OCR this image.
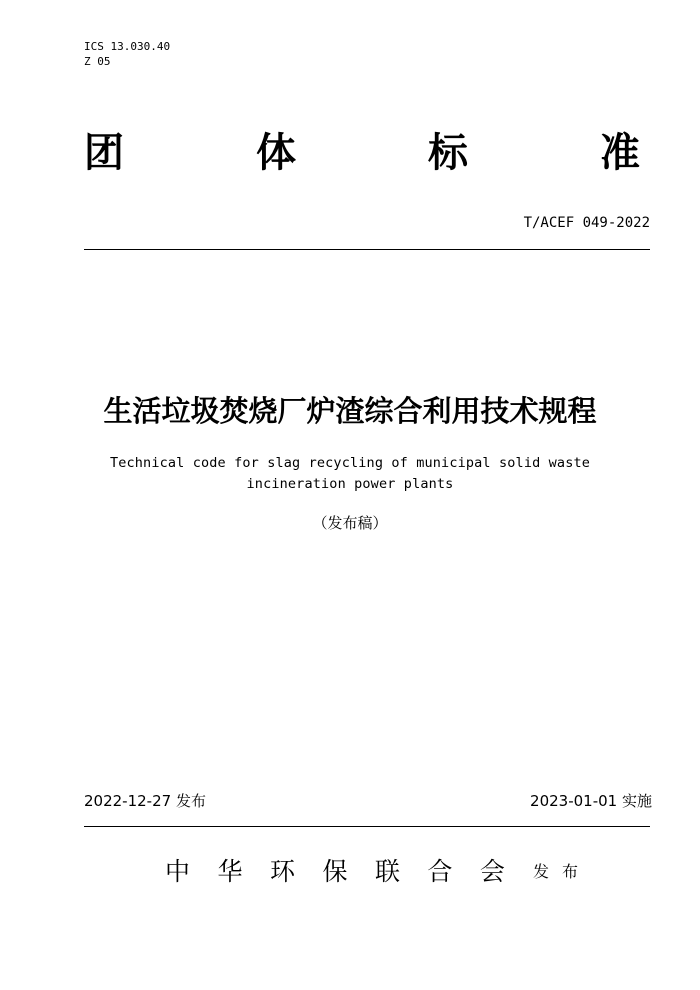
ICS 13.030.40
Z 05
团	体	标	准
T/ACEF 049-2022
生活垃圾焚烧厂炉渣综合利用技术规程
Technical code for slag recycling of municipal solid waste incineration power plants
（发布稿）
2022-12-27 发布	2023-01-01 实施
中 华 环 保 联 合 会 发 布
